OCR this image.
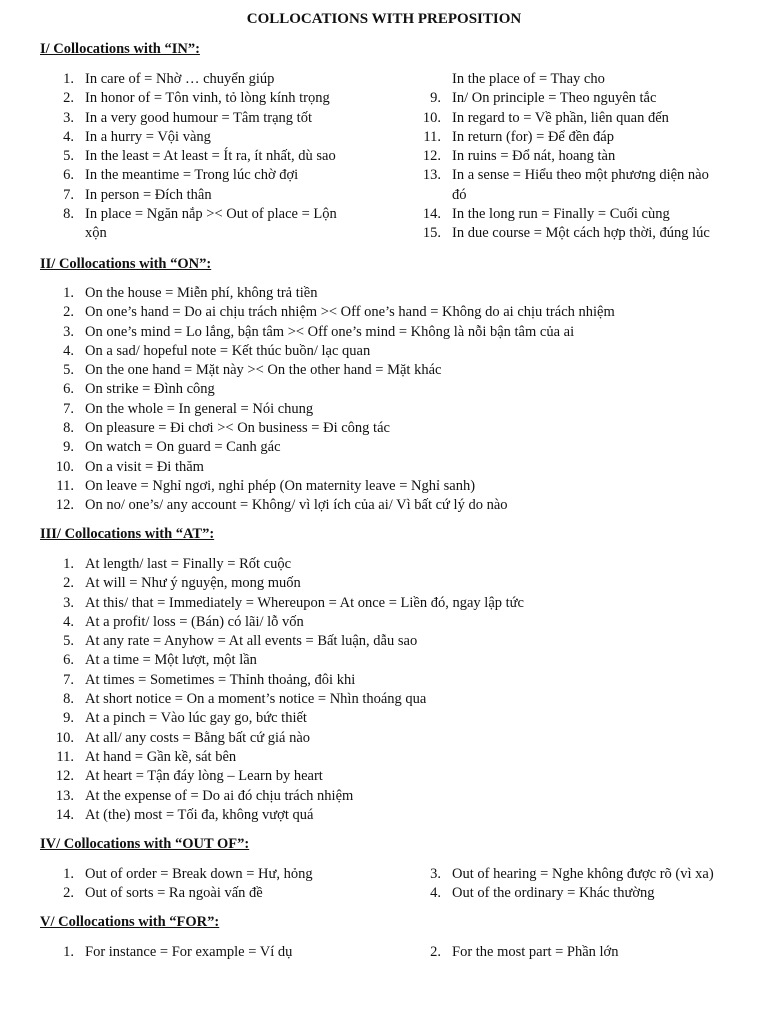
COLLOCATIONS WITH PREPOSITION
I/ Collocations with “IN”:
1. In care of = Nhờ … chuyển giúp
2. In honor of = Tôn vinh, tỏ lòng kính trọng
3. In a very good humour = Tâm trạng tốt
4. In a hurry = Vội vàng
5. In the least = At least = Ít ra, ít nhất, dù sao
6. In the meantime = Trong lúc chờ đợi
7. In person = Đích thân
8. In place = Ngăn nắp >< Out of place = Lộn xộn
In the place of = Thay cho
9. In/ On principle = Theo nguyên tắc
10. In regard to = Về phần, liên quan đến
11. In return (for) = Để đền đáp
12. In ruins = Đổ nát, hoang tàn
13. In a sense = Hiểu theo một phương diện nào đó
14. In the long run = Finally = Cuối cùng
15. In due course = Một cách hợp thời, đúng lúc
II/ Collocations with “ON”:
1. On the house = Miễn phí, không trả tiền
2. On one’s hand = Do ai chịu trách nhiệm >< Off one’s hand = Không do ai chịu trách nhiệm
3. On one’s mind = Lo lắng, bận tâm >< Off one’s mind = Không là nỗi bận tâm của ai
4. On a sad/ hopeful note = Kết thúc buồn/ lạc quan
5. On the one hand = Mặt này >< On the other hand = Mặt khác
6. On strike = Đình công
7. On the whole = In general = Nói chung
8. On pleasure = Đi chơi >< On business = Đi công tác
9. On watch = On guard = Canh gác
10. On a visit = Đi thăm
11. On leave = Nghỉ ngơi, nghỉ phép (On maternity leave = Nghỉ sanh)
12. On no/ one’s/ any account = Không/ vì lợi ích của ai/ Vì bất cứ lý do nào
III/ Collocations with “AT”:
1. At length/ last = Finally = Rốt cuộc
2. At will = Như ý nguyện, mong muốn
3. At this/ that = Immediately = Whereupon = At once = Liền đó, ngay lập tức
4. At a profit/ loss = (Bán) có lãi/ lỗ vốn
5. At any rate = Anyhow = At all events = Bất luận, dẫu sao
6. At a time = Một lượt, một lần
7. At times = Sometimes = Thỉnh thoảng, đôi khi
8. At short notice = On a moment’s notice = Nhìn thoáng qua
9. At a pinch = Vào lúc gay go, bức thiết
10. At all/ any costs = Bằng bất cứ giá nào
11. At hand = Gần kề, sát bên
12. At heart = Tận đáy lòng – Learn by heart
13. At the expense of = Do ai đó chịu trách nhiệm
14. At (the) most = Tối đa, không vượt quá
IV/ Collocations with “OUT OF”:
1. Out of order = Break down = Hư, hỏng
2. Out of sorts = Ra ngoài vấn đề
3. Out of hearing = Nghe không được rõ (vì xa)
4. Out of the ordinary = Khác thường
V/ Collocations with “FOR”:
1. For instance = For example = Ví dụ	2. For the most part = Phần lớn
